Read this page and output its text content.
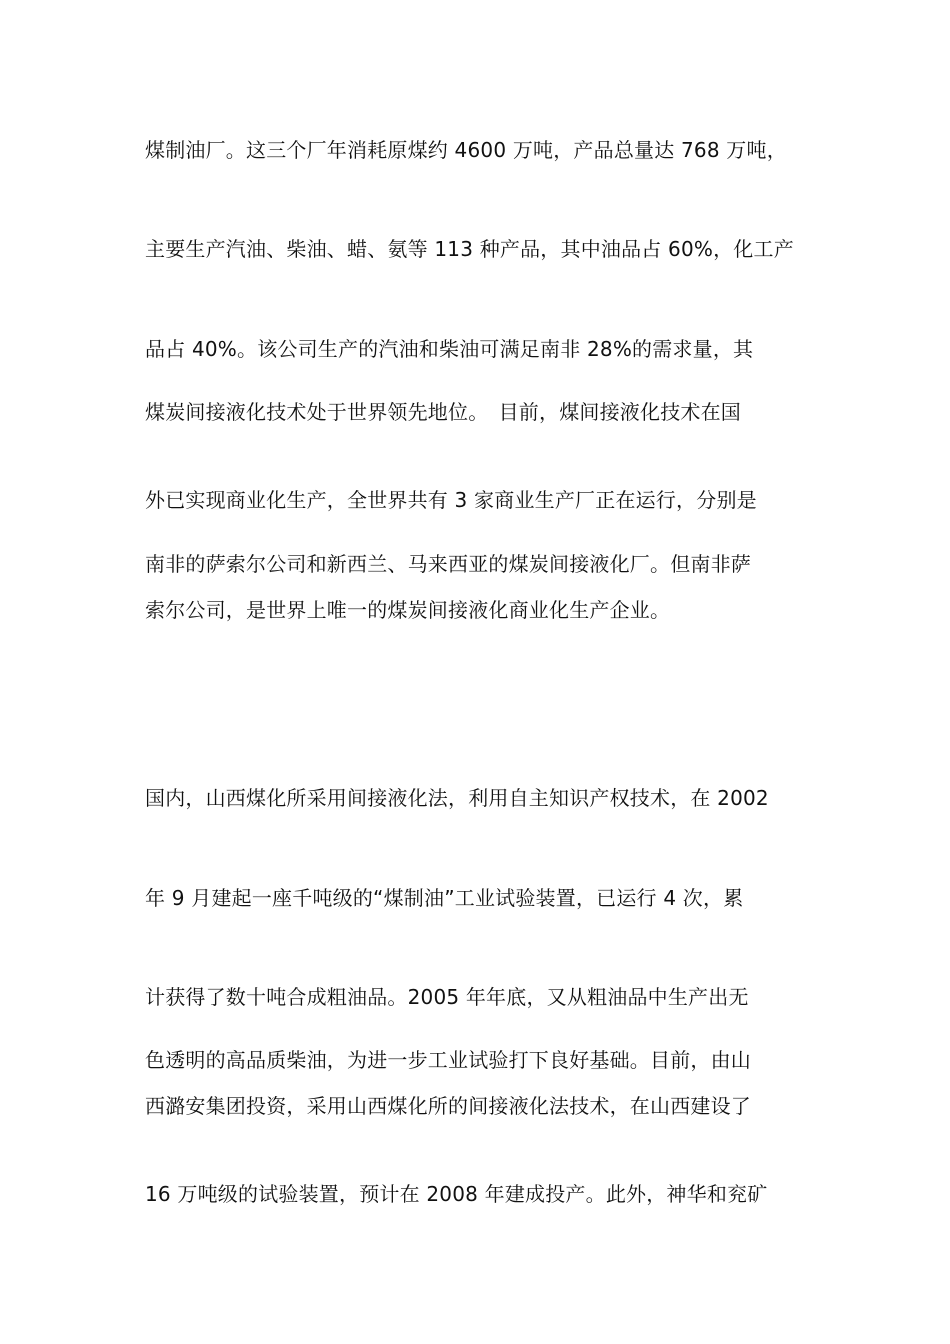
煤制油厂。这三个厂年消耗原煤约 4600 万吨，产品总量达 768 万吨，
主要生产汽油、柴油、蜡、氨等 113 种产品，其中油品占 60%，化工产
品占 40%。该公司生产的汽油和柴油可满足南非 28%的需求量，其
煤炭间接液化技术处于世界领先地位。　目前，煤间接液化技术在国
外已实现商业化生产，全世界共有 3 家商业生产厂正在运行，分别是
南非的萨索尔公司和新西兰、马来西亚的煤炭间接液化厂。但南非萨
索尔公司，是世界上唯一的煤炭间接液化商业化生产企业。
国内，山西煤化所采用间接液化法，利用自主知识产权技术，在 2002
年 9 月建起一座千吨级的“煤制油”工业试验装置，已运行 4 次，累
计获得了数十吨合成粗油品。2005 年年底，又从粗油品中生产出无
色透明的高品质柴油，为进一步工业试验打下良好基础。目前，由山
西潞安集团投资，采用山西煤化所的间接液化法技术，在山西建设了
16 万吨级的试验装置，预计在 2008 年建成投产。此外，神华和兖矿
